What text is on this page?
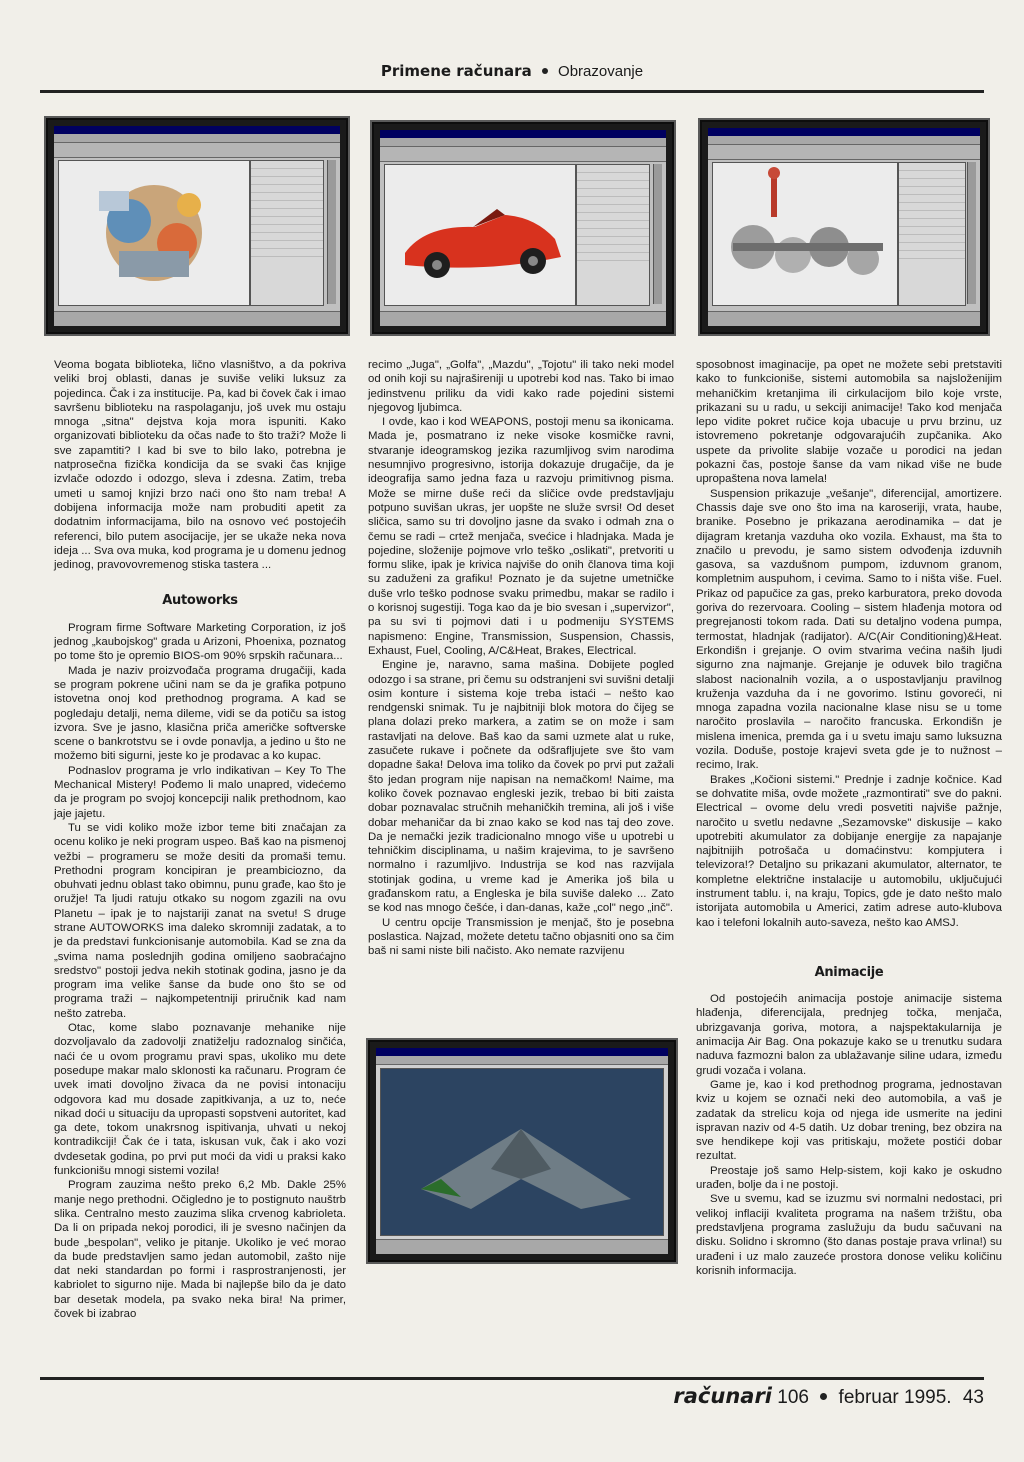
Primene računara Obrazovanje

Veoma bogata biblioteka, lično vlasništvo, a da pokriva veliki broj oblasti, danas je suviše veliki luksuz za pojedinca. Čak i za institucije. Pa, kad bi čovek čak i imao savršenu biblioteku na raspolaganju, još uvek mu ostaju mnoga „sitna" dejstva koja mora ispuniti. Kako organizovati biblioteku da očas nađe to što traži? Može li sve zapamtiti? I kad bi sve to bilo lako, potrebna je natprosečna fizička kondicija da se svaki čas knjige izvlače odozdo i odozgo, sleva i zdesna. Zatim, treba umeti u samoj knjizi brzo naći ono što nam treba! A dobijena informacija može nam probuditi apetit za dodatnim informacijama, bilo na osnovo već postojećih referenci, bilo putem asocijacije, jer se ukaže neka nova ideja ... Sva ova muka, kod programa je u domenu jednog jedinog, pravovovremenog stiska tastera ...

Autoworks

Program firme Software Marketing Corporation, iz još jednog „kaubojskog" grada u Arizoni, Phoenixa, poznatog po tome što je opremio BIOS-om 90% srpskih računara...

Mada je naziv proizvođača programa drugačiji, kada se program pokrene učini nam se da je grafika potpuno istovetna onoj kod prethodnog programa. A kad se pogledaju detalji, nema dileme, vidi se da potiču sa istog izvora. Sve je jasno, klasična priča američke softverske scene o bankrotstvu se i ovde ponavlja, a jedino u što ne možemo biti sigurni, jeste ko je prodavac a ko kupac.

Podnaslov programa je vrlo indikativan – Key To The Mechanical Mistery! Pođemo li malo unapred, videćemo da je program po svojoj koncepciji nalik prethodnom, kao jaje jajetu.

Tu se vidi koliko može izbor teme biti značajan za ocenu koliko je neki program uspeo. Baš kao na pismenoj vežbi – programeru se može desiti da promaši temu. Prethodni program koncipiran je preambiciozno, da obuhvati jednu oblast tako obimnu, punu građe, kao što je oružje! Ta ljudi ratuju otkako su nogom zgazili na ovu Planetu – ipak je to najstariji zanat na svetu! S druge strane AUTOWORKS ima daleko skromniji zadatak, a to je da predstavi funkcionisanje automobila. Kad se zna da „svima nama poslednjih godina omiljeno saobraćajno sredstvo" postoji jedva nekih stotinak godina, jasno je da program ima velike šanse da bude ono što se od programa traži – najkompetentniji priručnik kad nam nešto zatreba.

Otac, kome slabo poznavanje mehanike nije dozvoljavalo da zadovolji znatiželju radoznalog sinčića, naći će u ovom programu pravi spas, ukoliko mu dete posedupe makar malo sklonosti ka računaru. Program će uvek imati dovoljno živaca da ne povisi intonaciju odgovora kad mu dosade zapitkivanja, a uz to, neće nikad doći u situaciju da upropasti sopstveni autoritet, kad ga dete, tokom unakrsnog ispitivanja, uhvati u nekoj kontradikciji! Čak će i tata, iskusan vuk, čak i ako vozi dvdesetak godina, po prvi put moći da vidi u praksi kako funkcionišu mnogi sistemi vozila!

Program zauzima nešto preko 6,2 Mb. Dakle 25% manje nego prethodni. Očigledno je to postignuto nauštrb slika. Centralno mesto zauzima slika crvenog kabrioleta. Da li on pripada nekoj porodici, ili je svesno načinjen da bude „bespolan", veliko je pitanje. Ukoliko je već morao da bude predstavljen samo jedan automobil, zašto nije dat neki standardan po formi i rasprostranjenosti, jer kabriolet to sigurno nije. Mada bi najlepše bilo da je dato bar desetak modela, pa svako neka bira! Na primer, čovek bi izabrao

recimo „Juga", „Golfa", „Mazdu", „Tojotu" ili tako neki model od onih koji su najrašireniji u upotrebi kod nas. Tako bi imao jedinstvenu priliku da vidi kako rade pojedini sistemi njegovog ljubimca.

I ovde, kao i kod WEAPONS, postoji menu sa ikonicama. Mada je, posmatrano iz neke visoke kosmičke ravni, stvaranje ideogramskog jezika razumljivog svim narodima nesumnjivo progresivno, istorija dokazuje drugačije, da je ideografija samo jedna faza u razvoju primitivnog pisma. Može se mirne duše reći da sličice ovde predstavljaju potpuno suvišan ukras, jer uopšte ne služe svrsi! Od deset sličica, samo su tri dovoljno jasne da svako i odmah zna o čemu se radi – crtež menjača, svećice i hladnjaka. Mada je pojedine, složenije pojmove vrlo teško „oslikati", pretvoriti u formu slike, ipak je krivica najviše do onih članova tima koji su zaduženi za grafiku! Poznato je da sujetne umetničke duše vrlo teško podnose svaku primedbu, makar se radilo i o korisnoj sugestiji. Toga kao da je bio svesan i „supervizor", pa su svi ti pojmovi dati i u podmeniju SYSTEMS napismeno: Engine, Transmission, Suspension, Chassis, Exhaust, Fuel, Cooling, A/C&Heat, Brakes, Electrical.

Engine je, naravno, sama mašina. Dobijete pogled odozgo i sa strane, pri čemu su odstranjeni svi suvišni detalji osim konture i sistema koje treba istaći – nešto kao rendgenski snimak. Tu je najbitniji blok motora do čijeg se plana dolazi preko markera, a zatim se on može i sam rastavljati na delove. Baš kao da sami uzmete alat u ruke, zasučete rukave i počnete da odšrafljujete sve što vam dopadne šaka! Delova ima toliko da čovek po prvi put zažali što jedan program nije napisan na nemačkom! Naime, ma koliko čovek poznavao engleski jezik, trebao bi biti zaista dobar poznavalac stručnih mehaničkih tremina, ali još i više dobar mehaničar da bi znao kako se kod nas taj deo zove. Da je nemački jezik tradicionalno mnogo više u upotrebi u tehničkim disciplinama, u našim krajevima, to je savršeno normalno i razumljivo. Industrija se kod nas razvijala stotinjak godina, u vreme kad je Amerika još bila u građanskom ratu, a Engleska je bila suviše daleko ... Zato se kod nas mnogo češće, i dan-danas, kaže „col" nego „inč".

U centru opcije Transmission je menjač, što je posebna poslastica. Najzad, možete detetu tačno objasniti ono sa čim baš ni sami niste bili načisto. Ako nemate razvijenu

sposobnost imaginacije, pa opet ne možete sebi pretstaviti kako to funkcioniše, sistemi automobila sa najsloženijim mehaničkim kretanjima ili cirkulacijom bilo koje vrste, prikazani su u radu, u sekciji animacije! Tako kod menjača lepo vidite pokret ručice koja ubacuje u prvu brzinu, uz istovremeno pokretanje odgovarajućih zupčanika. Ako uspete da privolite slabije vozače u porodici na jedan pokazni čas, postoje šanse da vam nikad više ne bude upropaštena nova lamela!

Suspension prikazuje „vešanje", diferencijal, amortizere. Chassis daje sve ono što ima na karoseriji, vrata, haube, branike. Posebno je prikazana aerodinamika – dat je dijagram kretanja vazduha oko vozila. Exhaust, ma šta to značilo u prevodu, je samo sistem odvođenja izduvnih gasova, sa vazdušnom pumpom, izduvnom granom, kompletnim auspuhom, i cevima. Samo to i ništa više. Fuel. Prikaz od papučice za gas, preko karburatora, preko dovoda goriva do rezervoara. Cooling – sistem hlađenja motora od pregrejanosti tokom rada. Dati su detaljno vodena pumpa, termostat, hladnjak (radijator). A/C(Air Conditioning)&Heat. Erkondišn i grejanje. O ovim stvarima većina naših ljudi sigurno zna najmanje. Grejanje je oduvek bilo tragična slabost nacionalnih vozila, a o uspostavljanju pravilnog kruženja vazduha da i ne govorimo. Istinu govoreći, ni mnoga zapadna vozila nacionalne klase nisu se u tome naročito proslavila – naročito francuska. Erkondišn je mislena imenica, premda ga i u svetu imaju samo luksuzna vozila. Doduše, postoje krajevi sveta gde je to nužnost – recimo, Irak.

Brakes „Kočioni sistemi." Prednje i zadnje kočnice. Kad se dohvatite miša, ovde možete „razmontirati" sve do pakni. Electrical – ovome delu vredi posvetiti najviše pažnje, naročito u svetlu nedavne „Sezamovske" diskusije – kako upotrebiti akumulator za dobijanje energije za napajanje najbitnijih potrošača u domaćinstvu: kompjutera i televizora!? Detaljno su prikazani akumulator, alternator, te kompletne električne instalacije u automobilu, uključujući instrument tablu. i, na kraju, Topics, gde je dato nešto malo istorijata automobila u Americi, zatim adrese auto-klubova kao i telefoni lokalnih auto-saveza, nešto kao AMSJ.

Animacije

Od postojećih animacija postoje animacije sistema hlađenja, diferencijala, prednjeg točka, menjača, ubrizgavanja goriva, motora, a najspektakularnija je animacija Air Bag. Ona pokazuje kako se u trenutku sudara naduva fazmozni balon za ublažavanje siline udara, između grudi vozača i volana.

Game je, kao i kod prethodnog programa, jednostavan kviz u kojem se označi neki deo automobila, a vaš je zadatak da strelicu koja od njega ide usmerite na jedini ispravan naziv od 4-5 datih. Uz dobar trening, bez obzira na sve hendikepe koji vas pritiskaju, možete postići dobar rezultat.

Preostaje još samo Help-sistem, koji kako je oskudno urađen, bolje da i ne postoji.

Sve u svemu, kad se izuzmu svi normalni nedostaci, pri velikoj inflaciji kvaliteta programa na našem tržištu, oba predstavljena programa zaslužuju da budu sačuvani na disku. Solidno i skromno (što danas postaje prava vrlina!) su urađeni i uz malo zauzeće prostora donose veliku količinu korisnih informacija.

računari 106 februar 1995. 43
